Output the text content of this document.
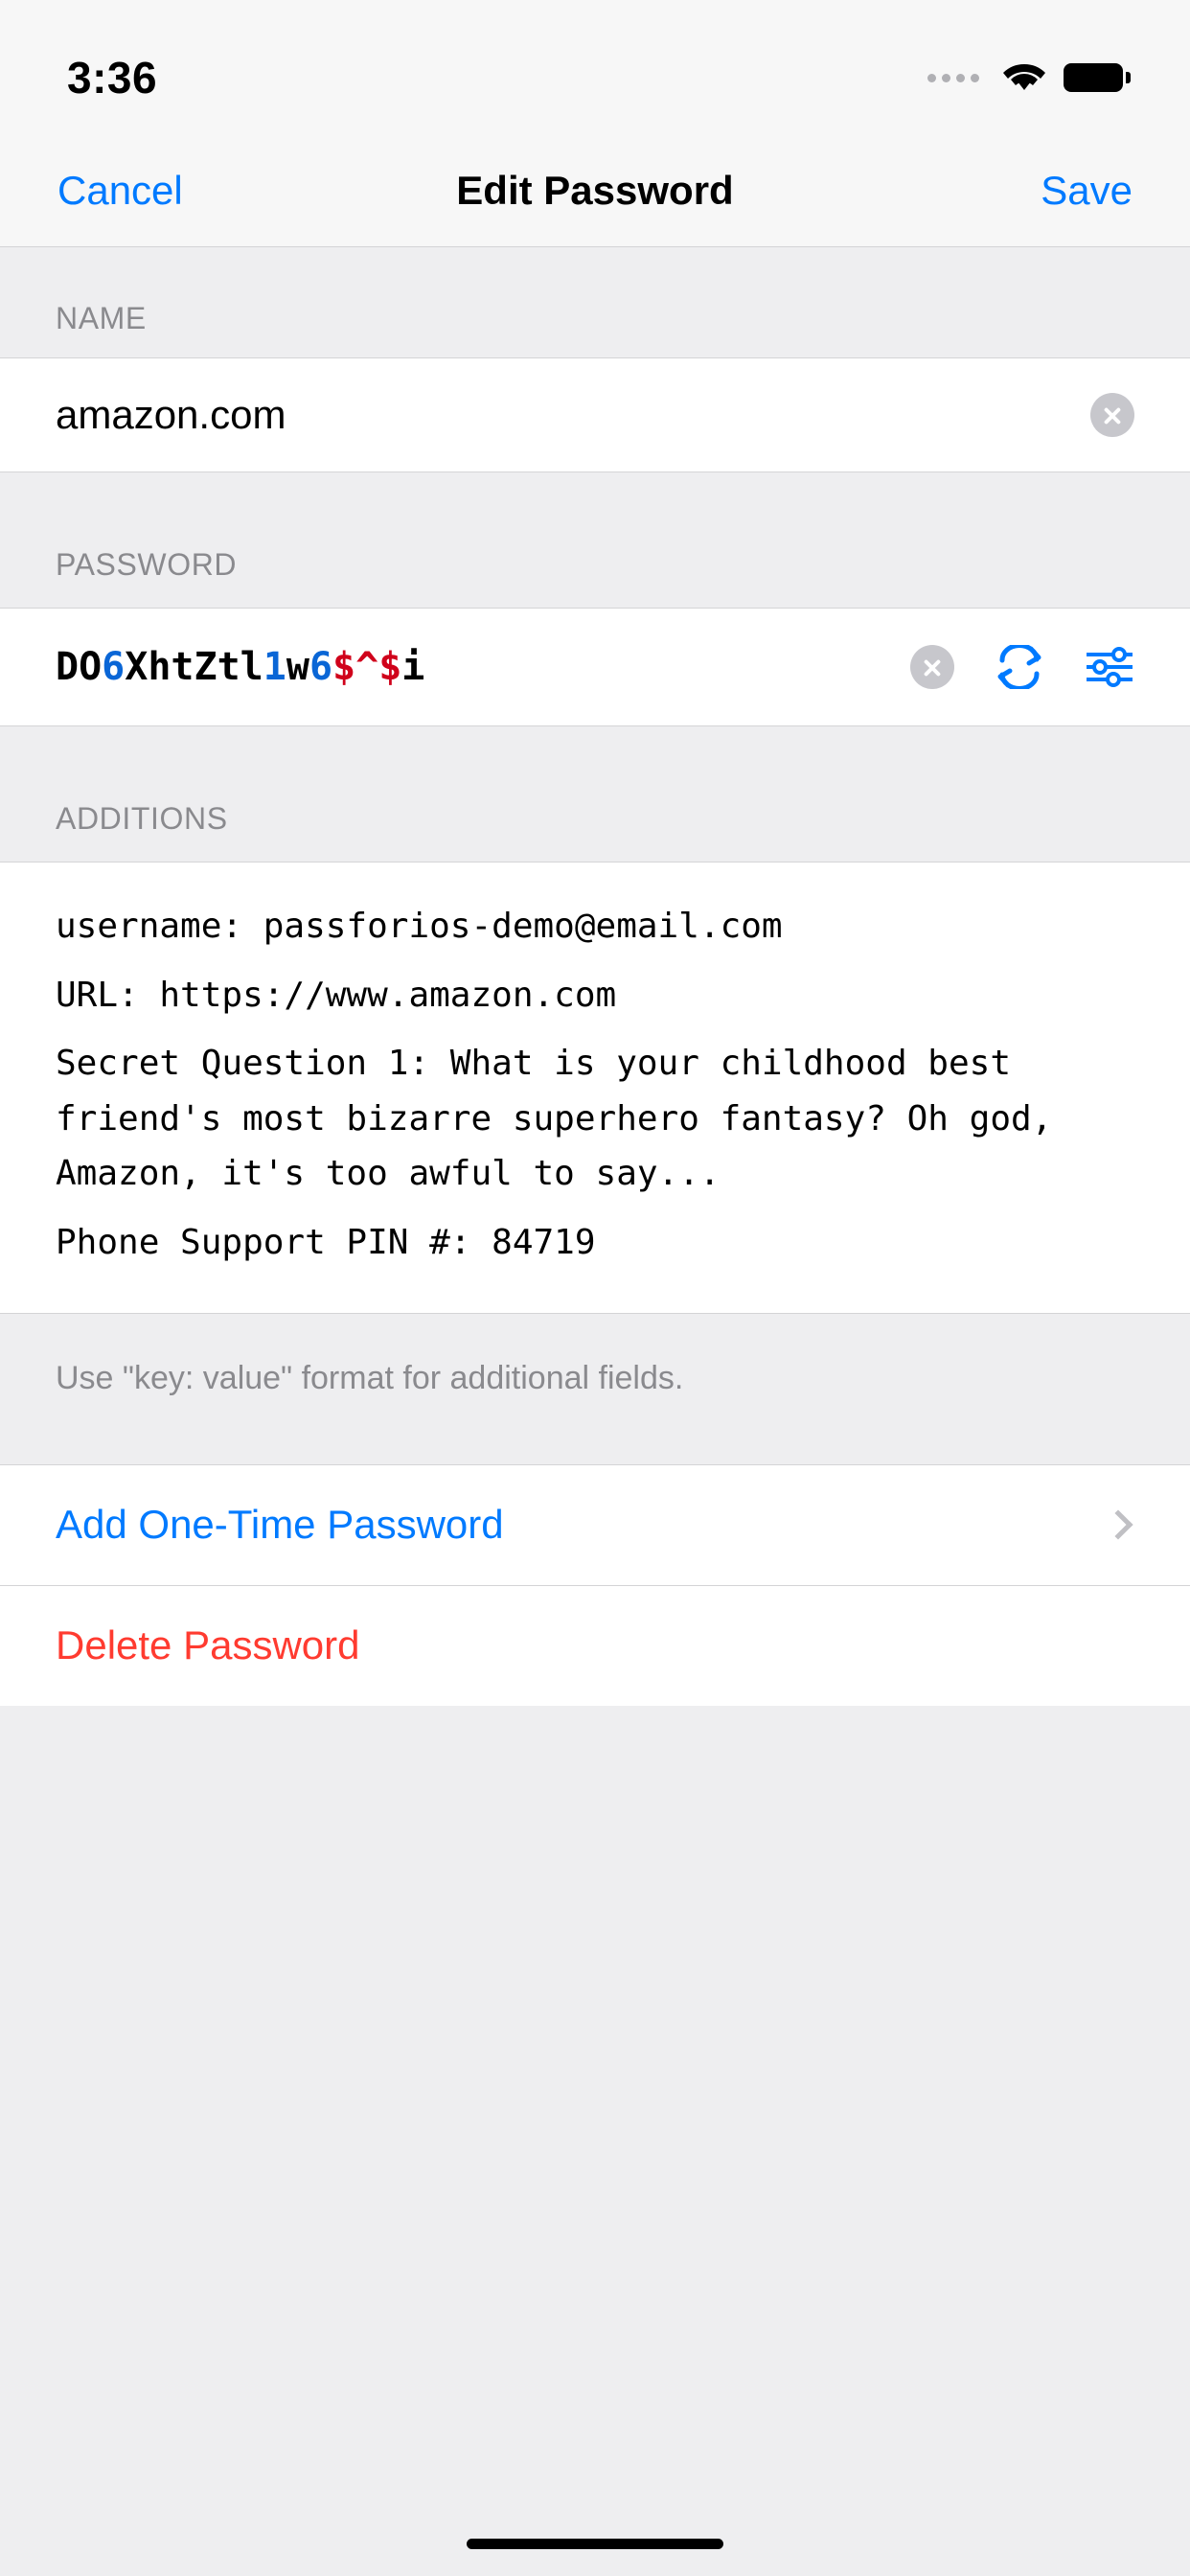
3:36
Cancel	Edit Password	Save
NAME
amazon.com
PASSWORD
DO6XhtZtl1w6$^$i
ADDITIONS
username: passforios-demo@email.com
URL: https://www.amazon.com
Secret Question 1: What is your childhood best friend's most bizarre superhero fantasy? Oh god, Amazon, it's too awful to say...
Phone Support PIN #: 84719
Use "key: value" format for additional fields.
Add One-Time Password
Delete Password
